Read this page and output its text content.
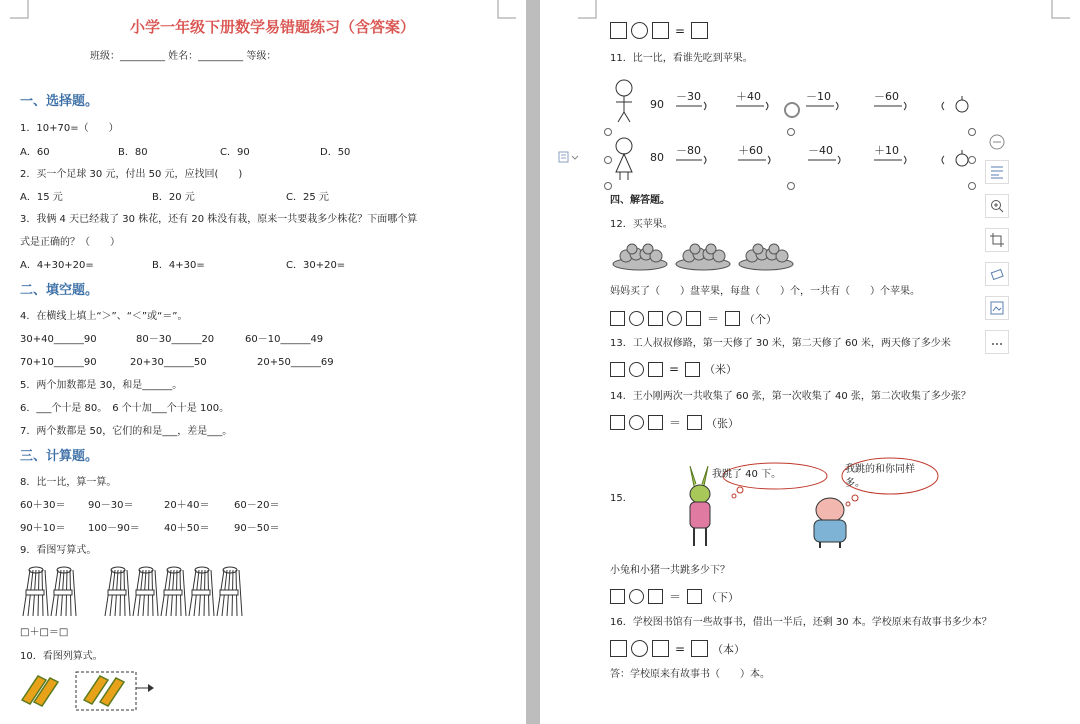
小学一年级下册数学易错题练习（含答案）
班级：_________ 姓名：_________ 等级：
一、选择题。
1．10+70=（　　）
A．60	B．80	C．90	D．50
2．买一个足球 30 元，付出 50 元，应找回(　　)
A．15 元	B．20 元	C．25 元
3．我俩 4 天已经栽了 30 株花，还有 20 株没有栽，原来一共要栽多少株花？下面哪个算
式是正确的？（　　）
A．4+30+20=	B．4+30=	C．30+20=
二、填空题。
4．在横线上填上“＞”、“＜”或“＝”。
30+40______90	80－30______20	60－10______49
70+10______90	20+30______50	20+50______69
5．两个加数都是 30，和是______。
6．___个十是 80。　6 个十加___个十是 100。
7．两个数都是 50，它们的和是___，差是___。
三、计算题。
8．比一比，算一算。
60＋30＝ 90－30＝	20＋40＝ 60－20＝
90＋10＝ 100－90＝ 40＋50＝ 90－50＝
9．看图写算式。
□＋□＝□
10．看图列算式。
=
11．比一比，看谁先吃到苹果。
90
－30	＋40	－10	－60
80
－80	＋60	－40	＋10
四、解答题。
12．买苹果。
妈妈买了（　　）盘苹果，每盘（　　）个，一共有（　　）个苹果。
＝ （个）
13．工人叔叔修路，第一天修了 30 米，第二天修了 60 米，两天修了多少米
= （米）
14．王小刚两次一共收集了 60 张，第一次收集了 40 张，第二次收集了多少张？
＝ （张）
15．
我跳了 40 下。	我跳的和你同样
多。
小兔和小猪一共跳多少下？
＝ （下）
16．学校图书馆有一些故事书，借出一半后，还剩 30 本。学校原来有故事书多少本？
= （本）
答：学校原来有故事书（　　）本。
